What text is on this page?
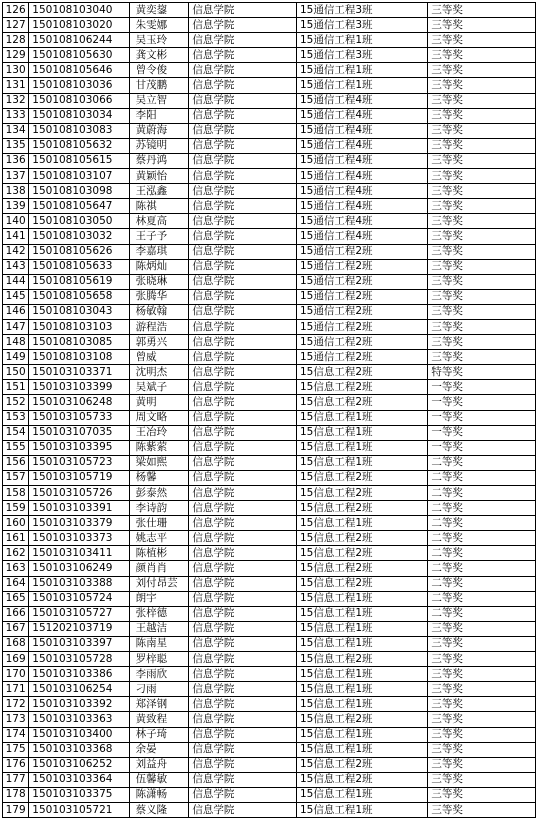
126	150108103040	黄奕鋆	信息学院	15通信工程3班	三等奖
127	150108103020	朱雯娜	信息学院	15通信工程3班	三等奖
128	150108106244	吴玉玲	信息学院	15通信工程1班	三等奖
129	150108105630	龚文彬	信息学院	15通信工程3班	三等奖
130	150108105646	曾令俊	信息学院	15通信工程1班	三等奖
131	150108103036	甘茂鹏	信息学院	15通信工程1班	三等奖
132	150108103066	吴立智	信息学院	15通信工程4班	三等奖
133	150108103034	李阳	信息学院	15通信工程4班	三等奖
134	150108103083	黄蔚海	信息学院	15通信工程4班	三等奖
135	150108105632	苏镜明	信息学院	15通信工程4班	三等奖
136	150108105615	蔡丹鸿	信息学院	15通信工程4班	三等奖
137	150108103107	黄颖怡	信息学院	15通信工程4班	三等奖
138	150108103098	王泓鑫	信息学院	15通信工程4班	三等奖
139	150108105647	陈祺	信息学院	15通信工程4班	三等奖
140	150108103050	林夏高	信息学院	15通信工程4班	三等奖
141	150108103032	王子予	信息学院	15通信工程4班	三等奖
142	150108105626	李嘉琪	信息学院	15通信工程2班	三等奖
143	150108105633	陈炳灿	信息学院	15通信工程2班	三等奖
144	150108105619	张晓琳	信息学院	15通信工程2班	三等奖
145	150108105658	张腾华	信息学院	15通信工程2班	三等奖
146	150108103043	杨敏翰	信息学院	15通信工程2班	三等奖
147	150108103103	游程浩	信息学院	15通信工程2班	三等奖
148	150108103085	郭勇兴	信息学院	15通信工程2班	三等奖
149	150108103108	曾威	信息学院	15通信工程2班	三等奖
150	150103103371	沈明杰	信息学院	15信息工程2班	特等奖
151	150103103399	吴斌子	信息学院	15信息工程2班	一等奖
152	150103106248	黄明	信息学院	15信息工程2班	一等奖
153	150103105733	周文略	信息学院	15信息工程1班	一等奖
154	150103107035	王冶玲	信息学院	15信息工程1班	一等奖
155	150103103395	陈紫萦	信息学院	15信息工程1班	一等奖
156	150103105723	梁如熙	信息学院	15信息工程1班	二等奖
157	150103105719	杨馨	信息学院	15信息工程2班	二等奖
158	150103105726	彭泰然	信息学院	15信息工程2班	二等奖
159	150103103391	李诗韵	信息学院	15信息工程2班	二等奖
160	150103103379	张仕珊	信息学院	15信息工程1班	二等奖
161	150103103373	姚志平	信息学院	15信息工程2班	二等奖
162	150103103411	陈植彬	信息学院	15信息工程2班	二等奖
163	150103106249	颜肖肖	信息学院	15信息工程2班	二等奖
164	150103103388	刘付昂芸	信息学院	15信息工程2班	二等奖
165	150103105724	朗宇	信息学院	15信息工程1班	二等奖
166	150103105727	张梓德	信息学院	15信息工程1班	二等奖
167	151202103719	王越洁	信息学院	15信息工程1班	三等奖
168	150103103397	陈南星	信息学院	15信息工程1班	三等奖
169	150103105728	罗梓聪	信息学院	15信息工程2班	三等奖
170	150103103386	李雨欣	信息学院	15信息工程1班	三等奖
171	150103106254	刁雨	信息学院	15信息工程1班	三等奖
172	150103103392	郑泽钢	信息学院	15信息工程1班	三等奖
173	150103103363	黄致程	信息学院	15信息工程2班	三等奖
174	150103103400	林子琦	信息学院	15信息工程1班	三等奖
175	150103103368	余晏	信息学院	15信息工程1班	三等奖
176	150103106252	刘益舟	信息学院	15信息工程2班	三等奖
177	150103103364	伍馨敏	信息学院	15信息工程2班	三等奖
178	150103103375	陈潇畅	信息学院	15信息工程1班	三等奖
179	150103105721	蔡义隆	信息学院	15信息工程1班	三等奖
